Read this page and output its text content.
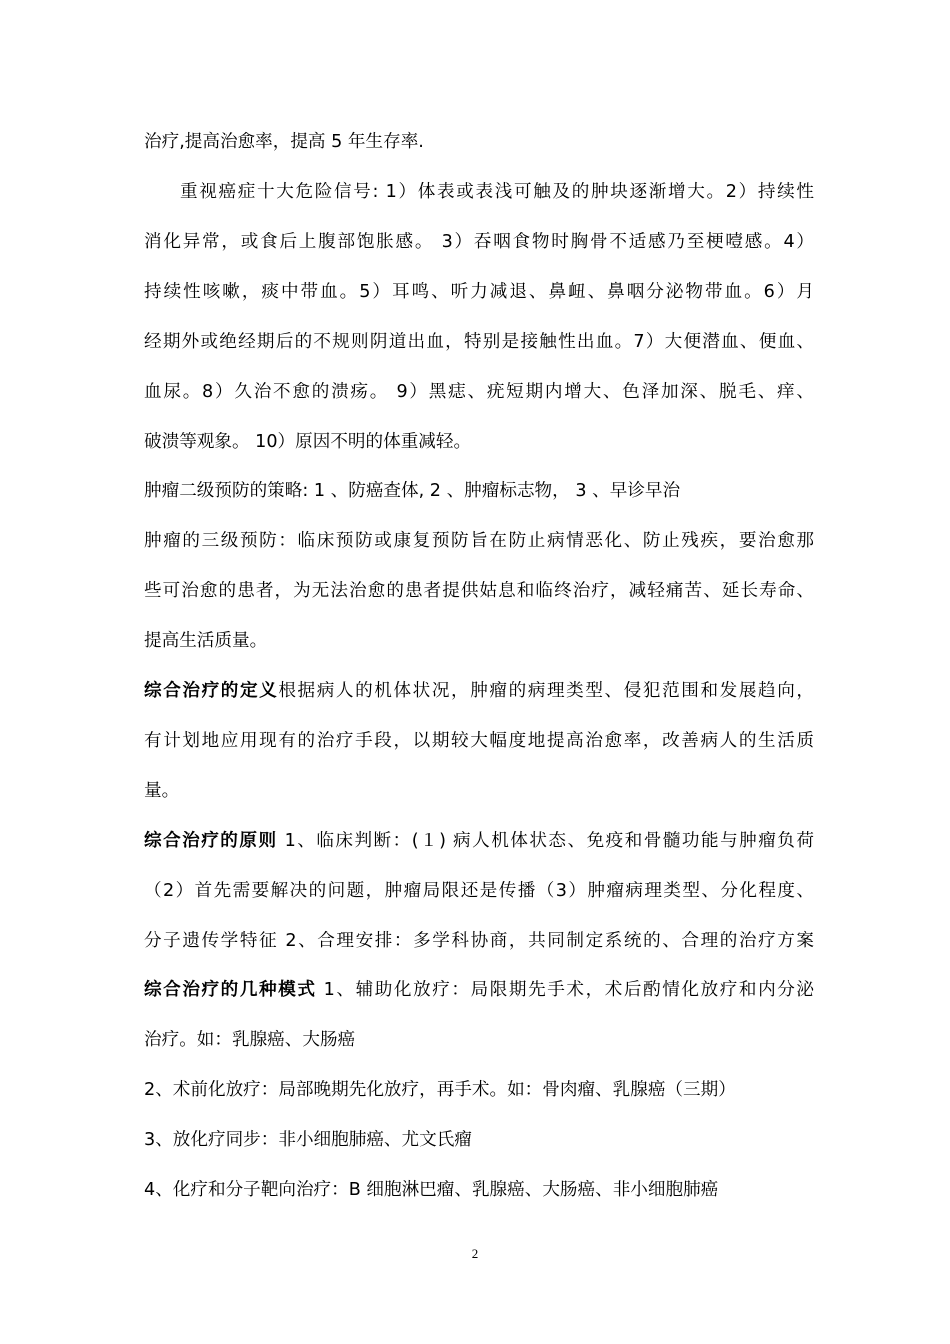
治疗,提高治愈率，提高 5 年生存率.
重视癌症十大危险信号: 1）体表或表浅可触及的肿块逐渐增大。2）持续性
消化异常，或食后上腹部饱胀感。 3）吞咽食物时胸骨不适感乃至梗噎感。4）
持续性咳嗽，痰中带血。5）耳鸣、听力减退、鼻衄、鼻咽分泌物带血。6）月
经期外或绝经期后的不规则阴道出血，特别是接触性出血。7）大便潜血、便血、
血尿。8）久治不愈的溃疡。 9）黑痣、疣短期内增大、色泽加深、脱毛、痒、
破溃等观象。 10）原因不明的体重减轻。
肿瘤二级预防的策略: 1 、防癌查体, 2 、肿瘤标志物， 3 、早诊早治
肿瘤的三级预防：临床预防或康复预防旨在防止病情恶化、防止残疾，要治愈那
些可治愈的患者，为无法治愈的患者提供姑息和临终治疗，减轻痛苦、延长寿命、
提高生活质量。
综合治疗的定义根据病人的机体状况，肿瘤的病理类型、侵犯范围和发展趋向，
有计划地应用现有的治疗手段，以期较大幅度地提高治愈率，改善病人的生活质
量。
综合治疗的原则 1、临床判断：(１) 病人机体状态、免疫和骨髓功能与肿瘤负荷
（2）首先需要解决的问题，肿瘤局限还是传播（3）肿瘤病理类型、分化程度、
分子遗传学特征 2、合理安排：多学科协商，共同制定系统的、合理的治疗方案
综合治疗的几种模式 1、辅助化放疗：局限期先手术，术后酌情化放疗和内分泌
治疗。如：乳腺癌、大肠癌
2、术前化放疗：局部晚期先化放疗，再手术。如：骨肉瘤、乳腺癌（三期）
3、放化疗同步：非小细胞肺癌、尤文氏瘤
4、化疗和分子靶向治疗：B 细胞淋巴瘤、乳腺癌、大肠癌、非小细胞肺癌
2
